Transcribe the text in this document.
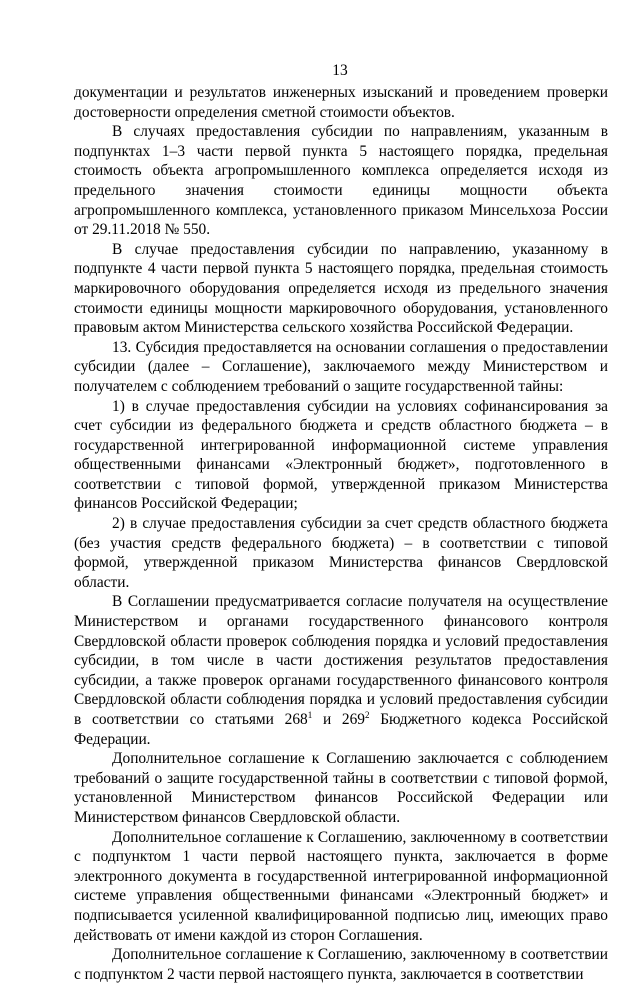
13

документации и результатов инженерных изысканий и проведением проверки достоверности определения сметной стоимости объектов.

В случаях предоставления субсидии по направлениям, указанным в подпунктах 1–3 части первой пункта 5 настоящего порядка, предельная стоимость объекта агропромышленного комплекса определяется исходя из предельного значения стоимости единицы мощности объекта агропромышленного комплекса, установленного приказом Минсельхоза России от 29.11.2018 № 550.

В случае предоставления субсидии по направлению, указанному в подпункте 4 части первой пункта 5 настоящего порядка, предельная стоимость маркировочного оборудования определяется исходя из предельного значения стоимости единицы мощности маркировочного оборудования, установленного правовым актом Министерства сельского хозяйства Российской Федерации.

13. Субсидия предоставляется на основании соглашения о предоставлении субсидии (далее – Соглашение), заключаемого между Министерством и получателем с соблюдением требований о защите государственной тайны:

1) в случае предоставления субсидии на условиях софинансирования за счет субсидии из федерального бюджета и средств областного бюджета – в государственной интегрированной информационной системе управления общественными финансами «Электронный бюджет», подготовленного в соответствии с типовой формой, утвержденной приказом Министерства финансов Российской Федерации;

2) в случае предоставления субсидии за счет средств областного бюджета (без участия средств федерального бюджета) – в соответствии с типовой формой, утвержденной приказом Министерства финансов Свердловской области.

В Соглашении предусматривается согласие получателя на осуществление Министерством и органами государственного финансового контроля Свердловской области проверок соблюдения порядка и условий предоставления субсидии, в том числе в части достижения результатов предоставления субсидии, а также проверок органами государственного финансового контроля Свердловской области соблюдения порядка и условий предоставления субсидии в соответствии со статьями $268^1$ и $269^2$ Бюджетного кодекса Российской Федерации.

Дополнительное соглашение к Соглашению заключается с соблюдением требований о защите государственной тайны в соответствии с типовой формой, установленной Министерством финансов Российской Федерации или Министерством финансов Свердловской области.

Дополнительное соглашение к Соглашению, заключенному в соответствии с подпунктом 1 части первой настоящего пункта, заключается в форме электронного документа в государственной интегрированной информационной системе управления общественными финансами «Электронный бюджет» и подписывается усиленной квалифицированной подписью лиц, имеющих право действовать от имени каждой из сторон Соглашения.

Дополнительное соглашение к Соглашению, заключенному в соответствии с подпунктом 2 части первой настоящего пункта, заключается в соответствии
